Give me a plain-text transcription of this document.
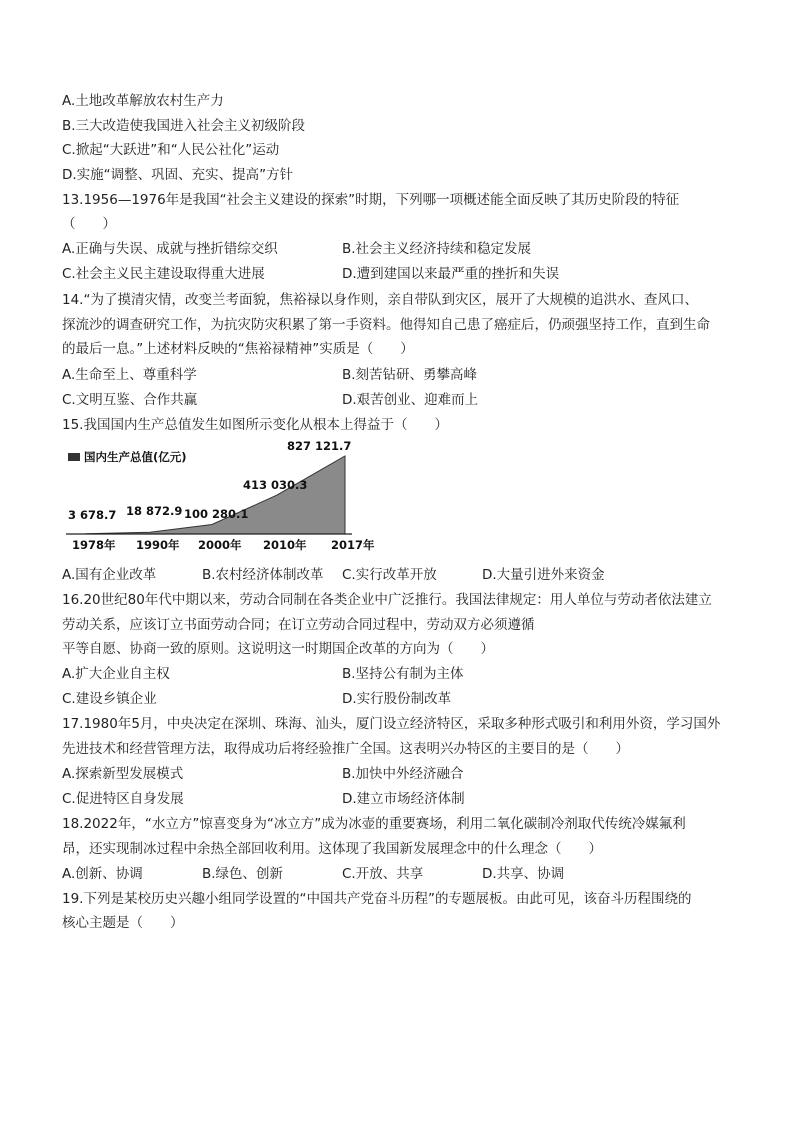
A.土地改革解放农村生产力
B.三大改造使我国进入社会主义初级阶段
C.掀起“大跃进”和“人民公社化”运动
D.实施“调整、巩固、充实、提高”方针
13.1956—1976年是我国“社会主义建设的探索”时期，下列哪一项概述能全面反映了其历史阶段的特征
（　　）
A.正确与失误、成就与挫折错综交织	B.社会主义经济持续和稳定发展
C.社会主义民主建设取得重大进展	D.遭到建国以来最严重的挫折和失误
14.“为了摸清灾情，改变兰考面貌，焦裕禄以身作则，亲自带队到灾区，展开了大规模的追洪水、查风口、
探流沙的调查研究工作，为抗灾防灾积累了第一手资料。他得知自己患了癌症后，仍顽强坚持工作，直到生命
的最后一息。”上述材料反映的“焦裕禄精神”实质是（　　）
A.生命至上、尊重科学	B.刻苦钻研、勇攀高峰
C.文明互鉴、合作共赢	D.艰苦创业、迎难而上
15.我国国内生产总值发生如图所示变化从根本上得益于（　　）
国内生产总值(亿元)
3 678.7 18 872.9 100 280.1
413 030.3
827 121.7
1978年 1990年 2000年 2010年 2017年
A.国有企业改革	B.农村经济体制改革 C.实行改革开放	D.大量引进外来资金
16.20世纪80年代中期以来，劳动合同制在各类企业中广泛推行。我国法律规定：用人单位与劳动者依法建立
劳动关系，应该订立书面劳动合同；在订立劳动合同过程中，劳动双方必须遵循
平等自愿、协商一致的原则。这说明这一时期国企改革的方向为（　　）
A.扩大企业自主权	B.坚持公有制为主体
C.建设乡镇企业	D.实行股份制改革
17.1980年5月，中央决定在深圳、珠海、汕头，厦门设立经济特区，采取多种形式吸引和利用外资，学习国外
先进技术和经营管理方法，取得成功后将经验推广全国。这表明兴办特区的主要目的是（　　）
A.探索新型发展模式	B.加快中外经济融合
C.促进特区自身发展	D.建立市场经济体制
18.2022年，“水立方”惊喜变身为“冰立方”成为冰壶的重要赛场，利用二氧化碳制冷剂取代传统冷媒氟利
昂，还实现制冰过程中余热全部回收利用。这体现了我国新发展理念中的什么理念（　　）
A.创新、协调	B.绿色、创新	C.开放、共享	D.共享、协调
19.下列是某校历史兴趣小组同学设置的“中国共产党奋斗历程”的专题展板。由此可见，该奋斗历程围绕的
核心主题是（　　）
